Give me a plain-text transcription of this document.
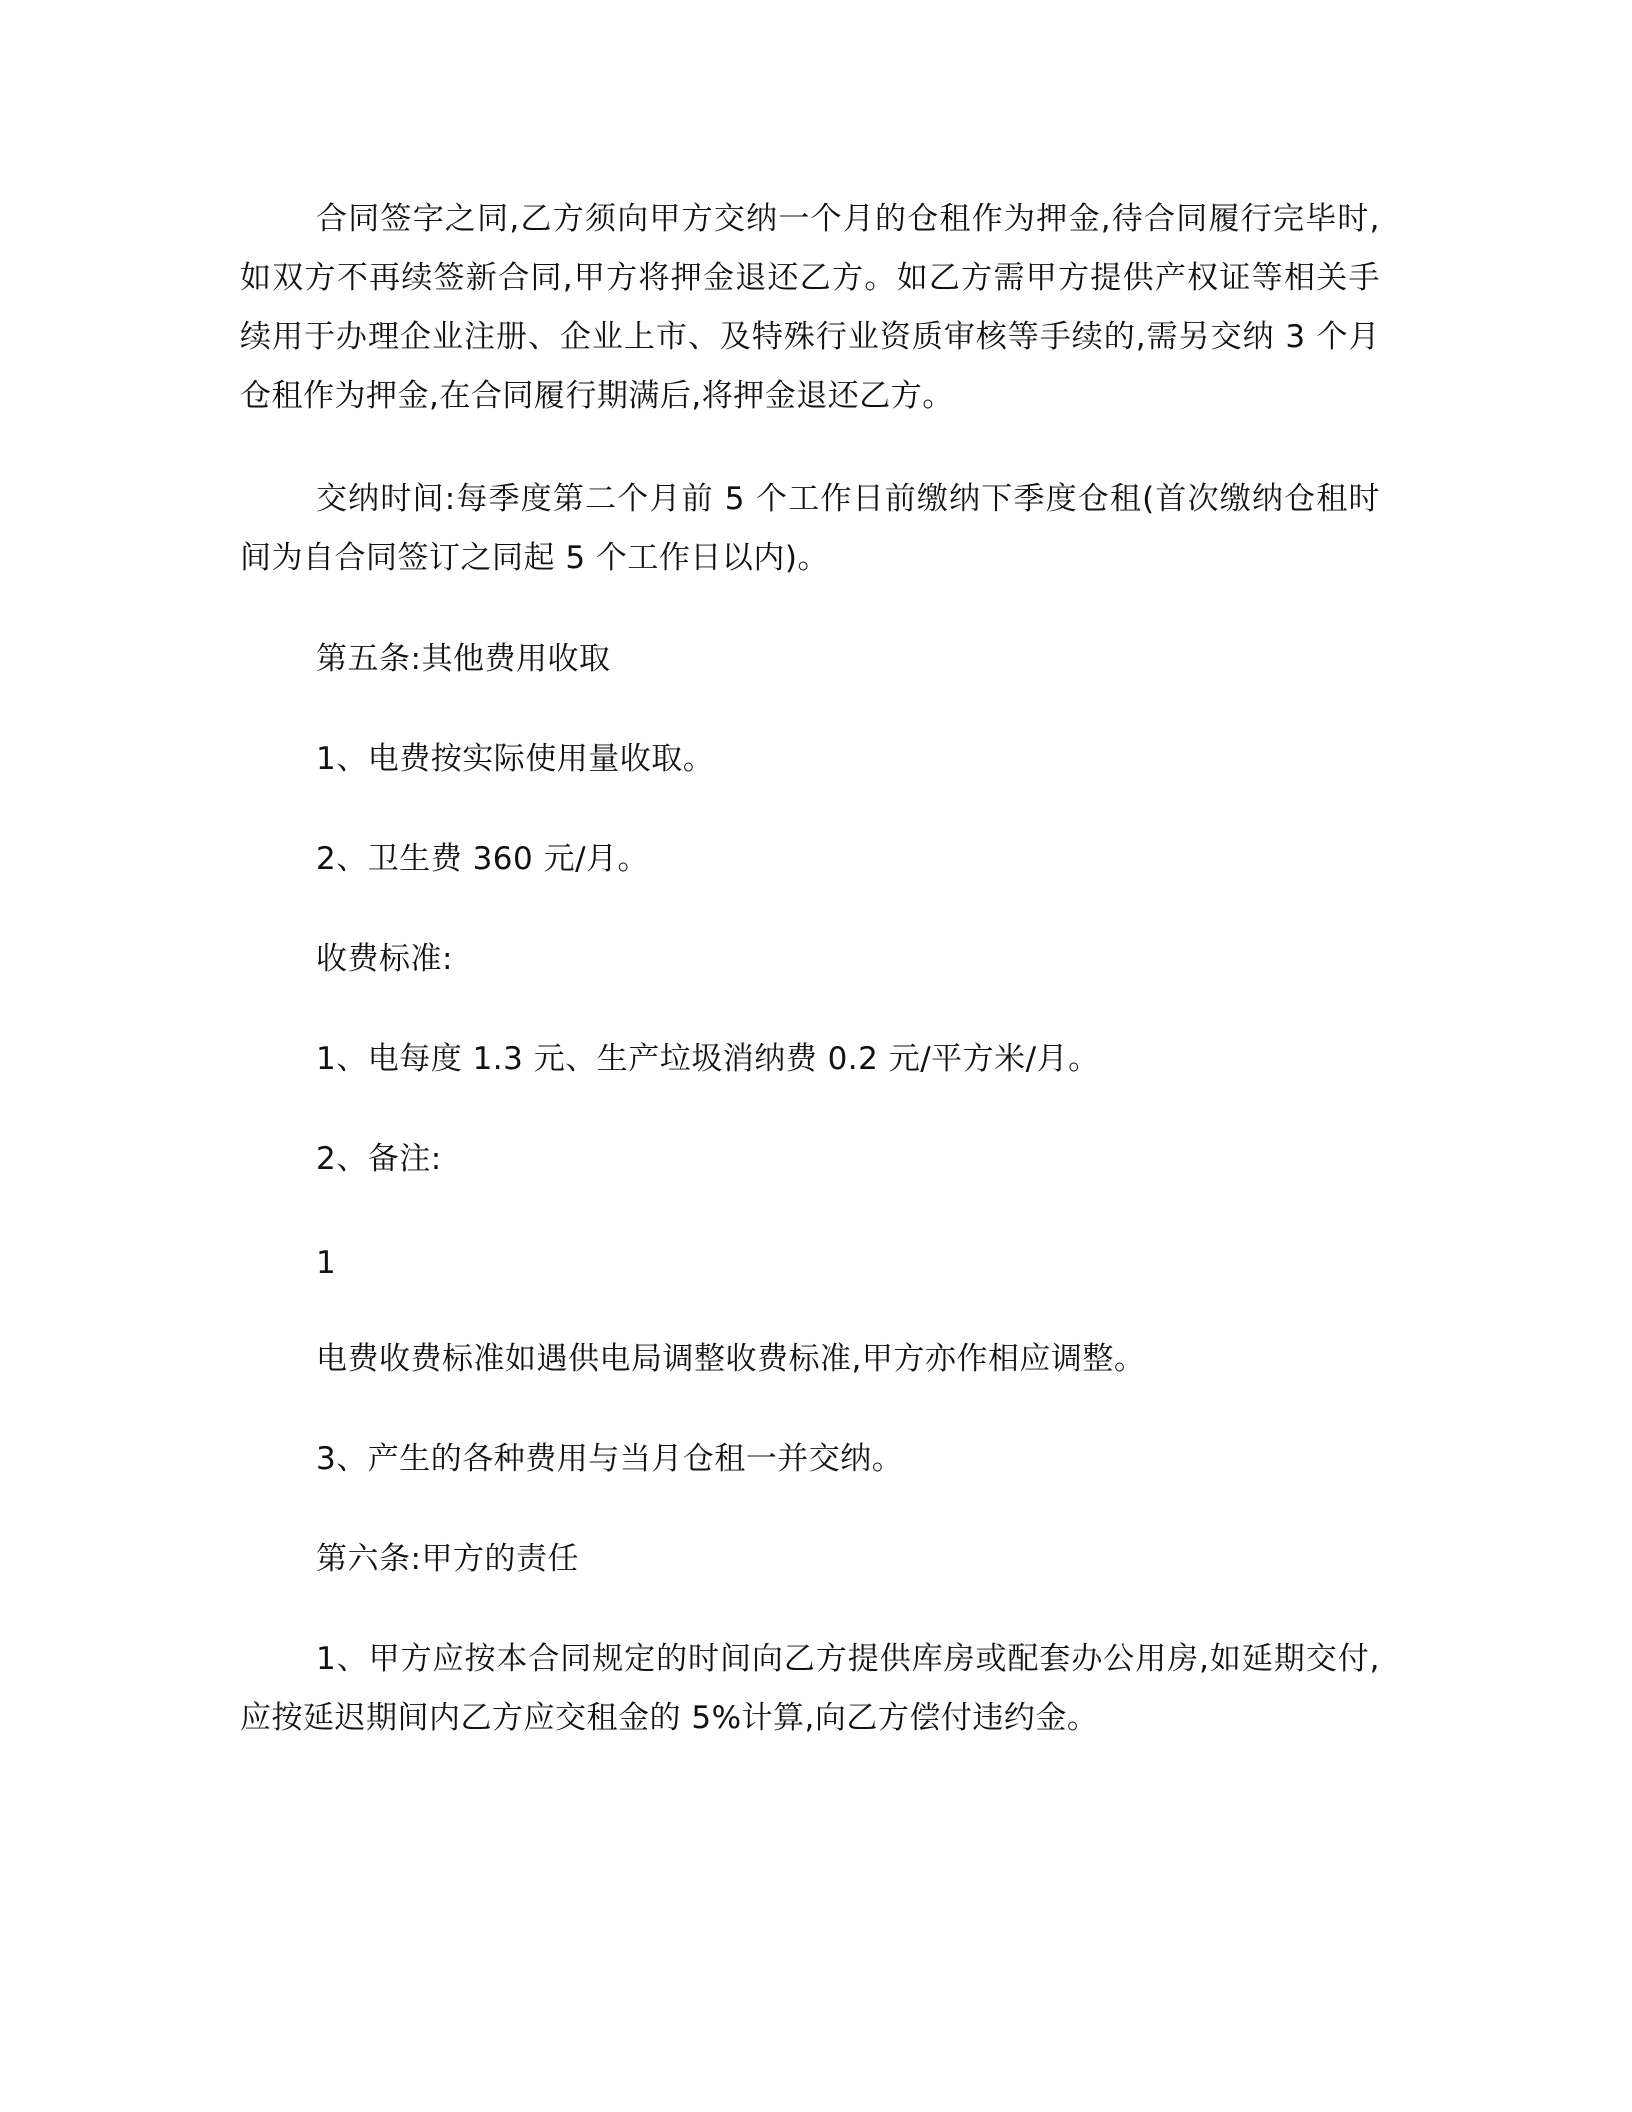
合同签字之同,乙方须向甲方交纳一个月的仓租作为押金,待合同履行完毕时,如双方不再续签新合同,甲方将押金退还乙方。如乙方需甲方提供产权证等相关手续用于办理企业注册、企业上市、及特殊行业资质审核等手续的,需另交纳 3 个月仓租作为押金,在合同履行期满后,将押金退还乙方。

交纳时间:每季度第二个月前 5 个工作日前缴纳下季度仓租(首次缴纳仓租时间为自合同签订之同起 5 个工作日以内)。

第五条:其他费用收取

1、电费按实际使用量收取。

2、卫生费 360 元/月。

收费标准:

1、电每度 1.3 元、生产垃圾消纳费 0.2 元/平方米/月。

2、备注:

1

电费收费标准如遇供电局调整收费标准,甲方亦作相应调整。

3、产生的各种费用与当月仓租一并交纳。

第六条:甲方的责任

1、甲方应按本合同规定的时间向乙方提供库房或配套办公用房,如延期交付,应按延迟期间内乙方应交租金的 5%计算,向乙方偿付违约金。
